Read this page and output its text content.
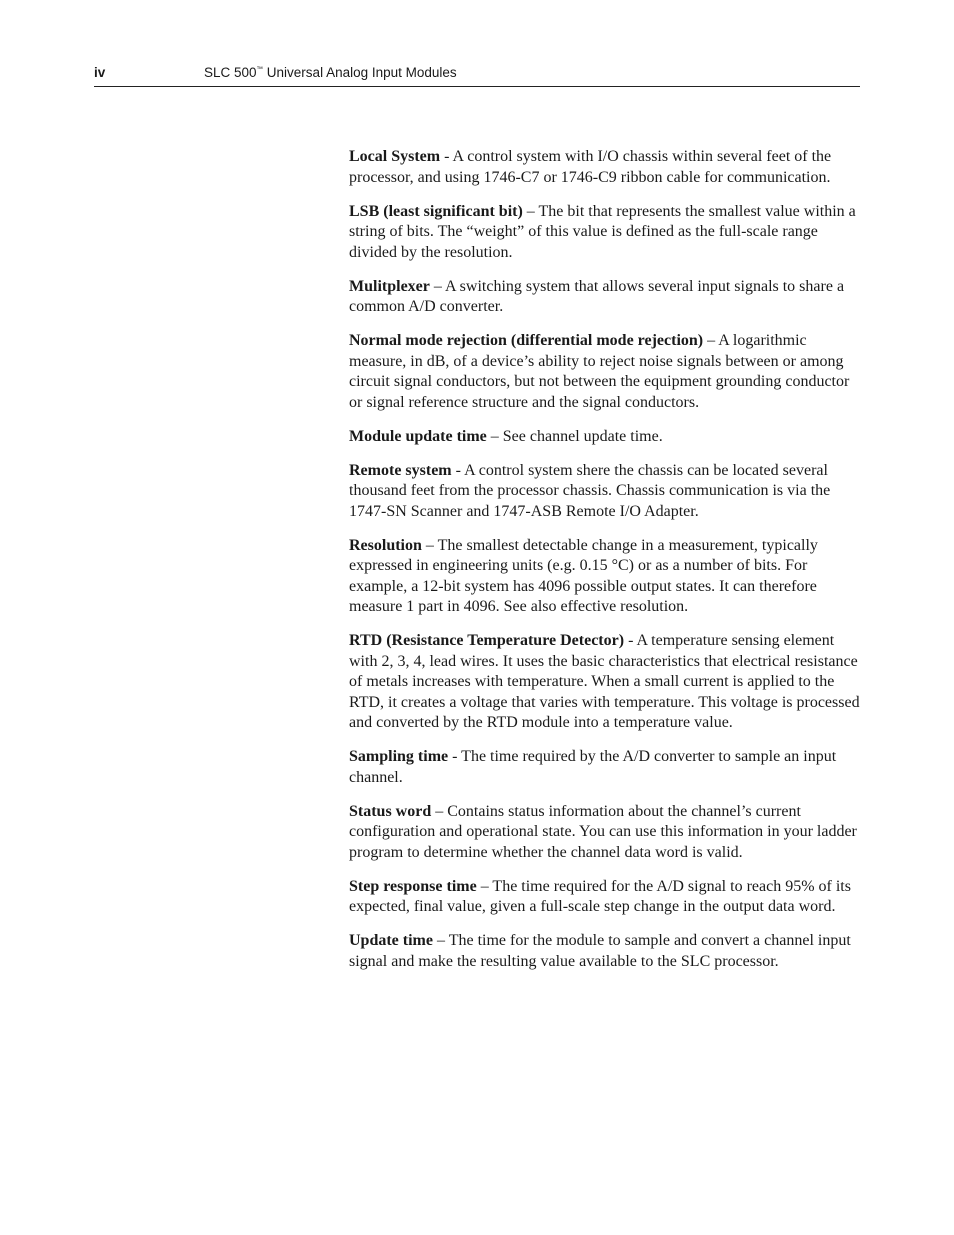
iv	SLC 500™ Universal Analog Input Modules

Local System - A control system with I/O chassis within several feet of the processor, and using 1746-C7 or 1746-C9 ribbon cable for communication.

LSB (least significant bit) – The bit that represents the smallest value within a string of bits. The “weight” of this value is defined as the full-scale range divided by the resolution.

Mulitplexer – A switching system that allows several input signals to share a common A/D converter.

Normal mode rejection (differential mode rejection) – A logarithmic measure, in dB, of a device’s ability to reject noise signals between or among circuit signal conductors, but not between the equipment grounding conductor or signal reference structure and the signal conductors.

Module update time – See channel update time.

Remote system - A control system shere the chassis can be located several thousand feet from the processor chassis. Chassis communication is via the 1747-SN Scanner and 1747-ASB Remote I/O Adapter.

Resolution – The smallest detectable change in a measurement, typically expressed in engineering units (e.g. 0.15 °C) or as a number of bits. For example, a 12-bit system has 4096 possible output states. It can therefore measure 1 part in 4096. See also effective resolution.

RTD (Resistance Temperature Detector) - A temperature sensing element with 2, 3, 4, lead wires. It uses the basic characteristics that electrical resistance of metals increases with temperature. When a small current is applied to the RTD, it creates a voltage that varies with temperature. This voltage is processed and converted by the RTD module into a temperature value.

Sampling time - The time required by the A/D converter to sample an input channel.

Status word – Contains status information about the channel’s current configuration and operational state. You can use this information in your ladder program to determine whether the channel data word is valid.

Step response time – The time required for the A/D signal to reach 95% of its expected, final value, given a full-scale step change in the output data word.

Update time – The time for the module to sample and convert a channel input signal and make the resulting value available to the SLC processor.
